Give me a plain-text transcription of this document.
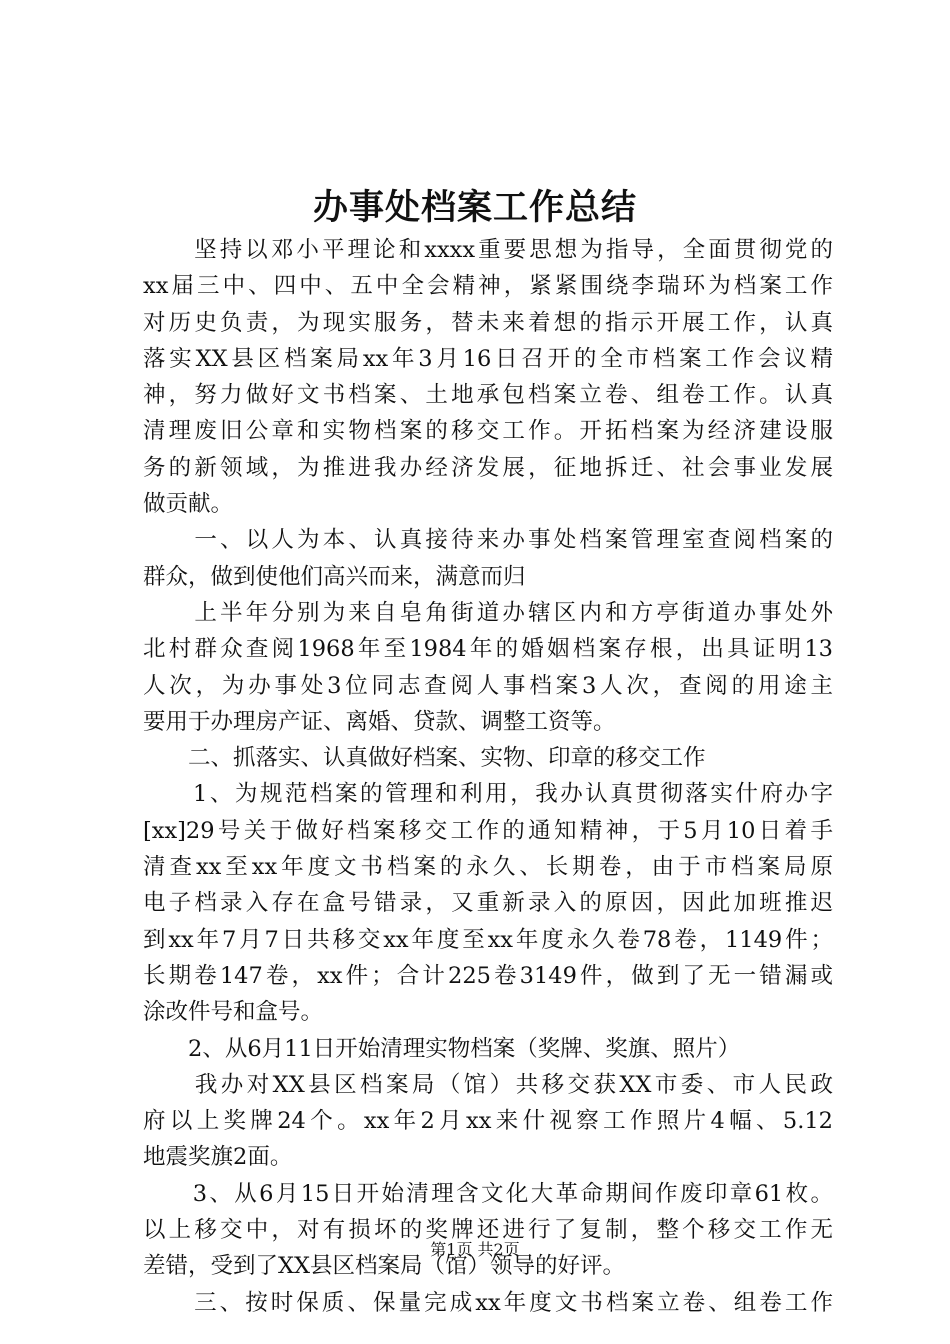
办事处档案工作总结
　　坚持以邓小平理论和xxxx重要思想为指导，全面贯彻党的
xx届三中、四中、五中全会精神，紧紧围绕李瑞环为档案工作
对历史负责，为现实服务，替未来着想的指示开展工作，认真
落实XX县区档案局xx年3月16日召开的全市档案工作会议精
神，努力做好文书档案、土地承包档案立卷、组卷工作。认真
清理废旧公章和实物档案的移交工作。开拓档案为经济建设服
务的新领域，为推进我办经济发展，征地拆迁、社会事业发展
做贡献。
　　一、以人为本、认真接待来办事处档案管理室查阅档案的
群众，做到使他们高兴而来，满意而归
　　上半年分别为来自皂角街道办辖区内和方亭街道办事处外
北村群众查阅1968年至1984年的婚姻档案存根，出具证明13
人次，为办事处3位同志查阅人事档案3人次，查阅的用途主
要用于办理房产证、离婚、贷款、调整工资等。
　　二、抓落实、认真做好档案、实物、印章的移交工作
　　1、为规范档案的管理和利用，我办认真贯彻落实什府办字
[xx]29号关于做好档案移交工作的通知精神，于5月10日着手
清查xx至xx年度文书档案的永久、长期卷，由于市档案局原
电子档录入存在盒号错录，又重新录入的原因，因此加班推迟
到xx年7月7日共移交xx年度至xx年度永久卷78卷，1149件；
长期卷147卷，xx件；合计225卷3149件，做到了无一错漏或
涂改件号和盒号。
　　2、从6月11日开始清理实物档案（奖牌、奖旗、照片）
　　我办对XX县区档案局（馆）共移交获XX市委、市人民政
府以上奖牌24个。xx年2月xx来什视察工作照片4幅、5.12
地震奖旗2面。
　　3、从6月15日开始清理含文化大革命期间作废印章61枚。
以上移交中，对有损坏的奖牌还进行了复制，整个移交工作无
差错，受到了XX县区档案局（馆）领导的好评。
　　三、按时保质、保量完成xx年度文书档案立卷、组卷工作
第1页 共2页
